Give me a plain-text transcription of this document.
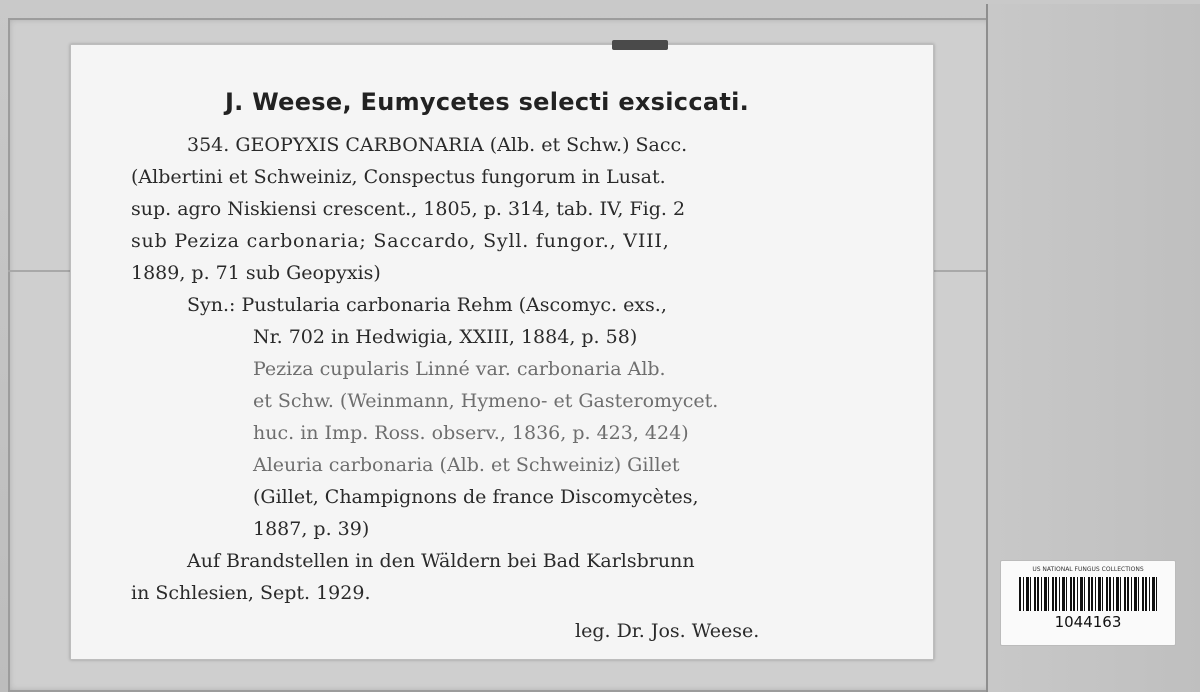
J. Weese, Eumycetes selecti exsiccati.
354. GEOPYXIS CARBONARIA (Alb. et Schw.) Sacc.
(Albertini et Schweiniz, Conspectus fungorum in Lusat.
sup. agro Niskiensi crescent., 1805, p. 314, tab. IV, Fig. 2
sub Peziza carbonaria; Saccardo, Syll. fungor., VIII,
1889, p. 71 sub Geopyxis)
Syn.: Pustularia carbonaria Rehm (Ascomyc. exs.,
Nr. 702 in Hedwigia, XXIII, 1884, p. 58)
Peziza cupularis Linné var. carbonaria Alb.
et Schw. (Weinmann, Hymeno- et Gasteromycet.
huc. in Imp. Ross. observ., 1836, p. 423, 424)
Aleuria carbonaria (Alb. et Schweiniz) Gillet
(Gillet, Champignons de france Discomycètes,
1887, p. 39)
Auf Brandstellen in den Wäldern bei Bad Karlsbrunn
in Schlesien, Sept. 1929.
leg. Dr. Jos. Weese.
US NATIONAL FUNGUS COLLECTIONS
1044163
